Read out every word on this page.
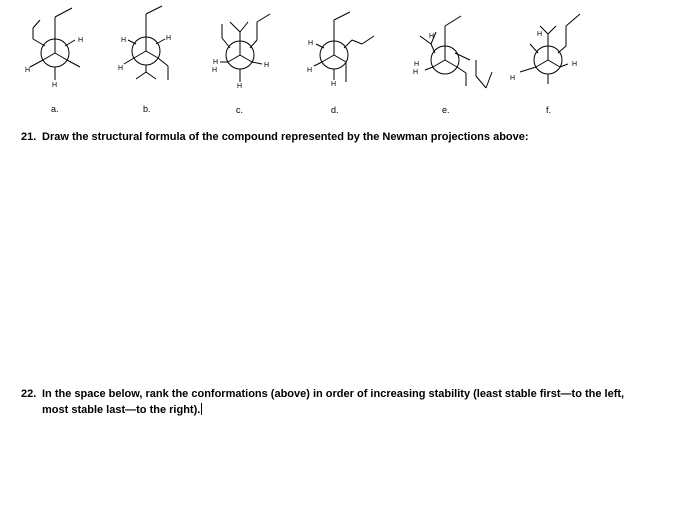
H
H
H
H	H
H
H
H
H
H
H
H
H
H
H
H	H
H
H
a.	b.	c.	d.	e.	f.
21. Draw the structural formula of the compound represented by the Newman projections above:
22. In the space below, rank the conformations (above) in order of increasing stability (least stable first—to the left,
most stable last—to the right).
